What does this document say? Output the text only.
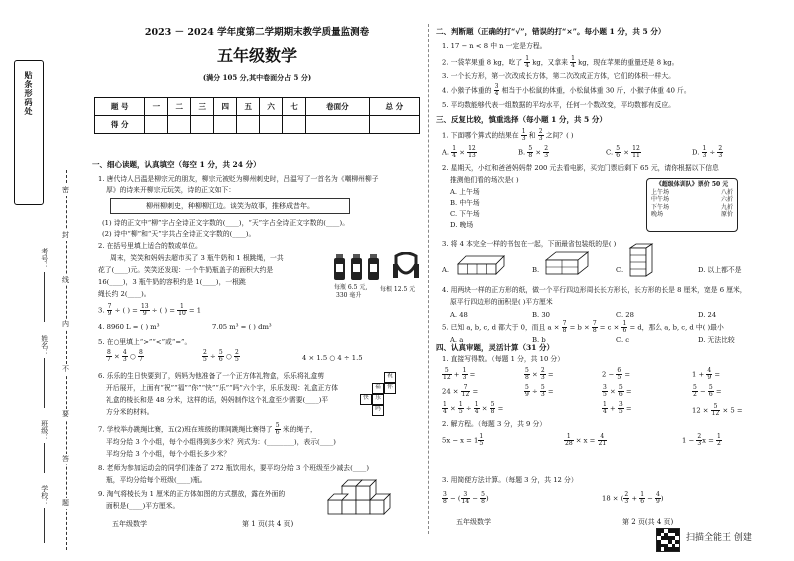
贴条形码处
密
封
线
内
不
要
答
题
考号：
姓名：
班级：
学校：
2023 － 2024 学年度第二学期期末教学质量监测卷
五年级数学
(满分 105 分,其中卷面分占 5 分)
题 号	一	二	三	四	五	六	七	卷面分	总 分
得 分									
一、细心读题，认真填空（每空 1 分，共 24 分）
1. 唐代诗人吕温是柳宗元的朋友，柳宗元被贬为柳州刺史时，吕温写了一首名为《嘲柳州柳子
厚》的诗来开柳宗元玩笑，诗的正文如下：
柳州柳刺史，种柳柳江边。谈笑为故事，推移成昔年。
(1) 诗的正文中“柳”字占全诗正文字数的(____)，“天”字占全诗正文字数的(____)。
(2) 诗中“柳”和“天”字共占全诗正文字数的(____)。
2. 在括号里填上适合的数或单位。
周末，笑笑和妈妈去超市买了 3 瓶牛奶和 1 根跳绳，一共
花了(____)元。笑笑还发现：一个牛奶瓶盖子的面积大约是
16(____)，3 瓶牛奶的容积约是 1(____)，一根跳
绳长约 2(____)。
每瓶 6.5 元,
330 毫升
每根 12.5 元
3. $\frac{7}{9}$ ÷ ( ) = $\frac{13}{9}$ ÷ ( ) = $\frac{1}{10} = 1$
4. 8960 L = ( ) m³	7.05 m³ = ( ) dm³
5. 在○里填上“>”“<”或“=”。
$\frac{8}{7} \times \frac{4}{3}$ ○ $\frac{8}{7}$	$\frac{2}{5} \div \frac{5}{6}$ ○ $\frac{2}{5}$	4 × 1.5 ○ 4 ÷ 1.5
6. 乐乐的生日快要到了，妈妈为他准备了一个正方体礼物盒，乐乐将礼盒剪
开后展开，上面有“祝”“福”“你”“快”“乐”“吗”六个字，乐乐发现：礼盒正方体
礼盒的棱长和是 48 分米，这样的话，妈妈制作这个礼盒至少需要(____)平
方分米的材料。
祝
福	你
快	乐
吗
7. 学校举办跳绳比赛，五(2)班在班级的课间跳绳比赛得了 $\frac{5}{6}$ 米的绳子，
平均分给 3 个小组，每个小组得到多少米？列式为：(________)，表示(____)
平均分给 3 个小组，每个小组长多少米？
8. 老师为参加运动会的同学们准备了 272 瓶饮用水，要平均分给 3 个班级至少减去(____)
瓶，平均分给每个班级(____)瓶。
9. 淘气将棱长为 1 厘米的正方体如图的方式摆放，露在外面的
面积是(____)平方厘米。
五年级数学	第 1 页(共 4 页)
二、判断题（正确的打“√”，错误的打“×”。每小题 1 分，共 5 分）
1. 17 − n < 8 中 n 一定是方程。
2. 一袋苹果重 8 kg，吃了 $\frac{1}{4}$ kg，又拿来 $\frac{1}{4}$ kg，现在苹果的重量还是 8 kg。
3. 一个长方形，第一次改成长方体，第二次改成正方体，它们的体积一样大。
4. 小猴子体重的 $\frac{3}{4}$ 相当于小松鼠的体重，小松鼠体重 30 斤，小猴子体重 40 斤。
5. 平均数能够代表一组数据的平均水平，任何一个数改变，平均数都有反应。
三、反复比较，慎重选择（每小题 1 分，共 5 分）
1. 下面哪个算式的结果在 $\frac{1}{3}$ 和 $\frac{2}{3}$ 之间？( )
A. $\frac{1}{4} \times \frac{12}{13}$	B. $\frac{5}{8} \times \frac{2}{3}$	C. $\frac{5}{6} \times \frac{12}{11}$	D. $\frac{1}{3} \div \frac{2}{3}$
2. 星期天，小红和爸爸妈妈带 200 元去看电影，买完门票后剩下 65 元，请你根据以下信息
推测他们看的场次是( )
A. 上午场
B. 中午场
C. 下午场
D. 晚场
《超级体训队》票价 50 元
上午场	八折
中午场	六折
下午场	九折
晚场	原价
3. 将 4 本完全一样的书包在一起，下面最省包装纸的是( )
A.	B.	C.	D. 以上都不是
4. 用两块一样的正方形的纸，做一个平行四边形周长长方形长，长方形的长是 8 厘米，宽是 6 厘米，
原平行四边形的面积是( )平方厘米
A. 48	B. 30	C. 28	D. 24
5. 已知 a, b, c, d 都大于 0，而且 $a \times \frac{7}{8} = b \times \frac{7}{8} = c \times \frac{1}{6} = d$，那么 a, b, c, d 中( )最小
A. a	B. b	C. c	D. 无法比较
四、认真审题，灵活计算（31 分）
1. 直接写得数。（每题 1 分，共 10 分）
$\frac{5}{12} + \frac{1}{3}$ =	$\frac{5}{8} \times \frac{2}{3}$ =	$2 - \frac{6}{5}$ =	$1 + \frac{4}{9}$ =
$24 \times \frac{7}{12}$ =	$\frac{5}{9} \div \frac{5}{3}$ =	$\frac{3}{5} \times \frac{5}{6}$ =	$\frac{5}{2} - \frac{5}{6}$ =
$\frac{1}{4} \times \frac{1}{5} \div \frac{1}{4} \times \frac{5}{8}$ =	$\frac{1}{4} + \frac{3}{5}$ =	$12 \times \frac{5}{12} \times 5$ =
2. 解方程。（每题 3 分，共 9 分）
$5x - x = 1 \frac{1}{5}$	$\frac{1}{28} \times x = \frac{4}{21}$	$1 - \frac{2}{3}$ $x = \frac{1}{2}$
3. 用简便方法计算。（每题 3 分，共 12 分）
$\frac{3}{8}$ − ( $\frac{3}{14} - \frac{5}{8}$ )	18 × ( $\frac{2}{3} + \frac{1}{6} - \frac{4}{9}$ )
五年级数学	第 2 页(共 4 页)
扫描全能王 创建
